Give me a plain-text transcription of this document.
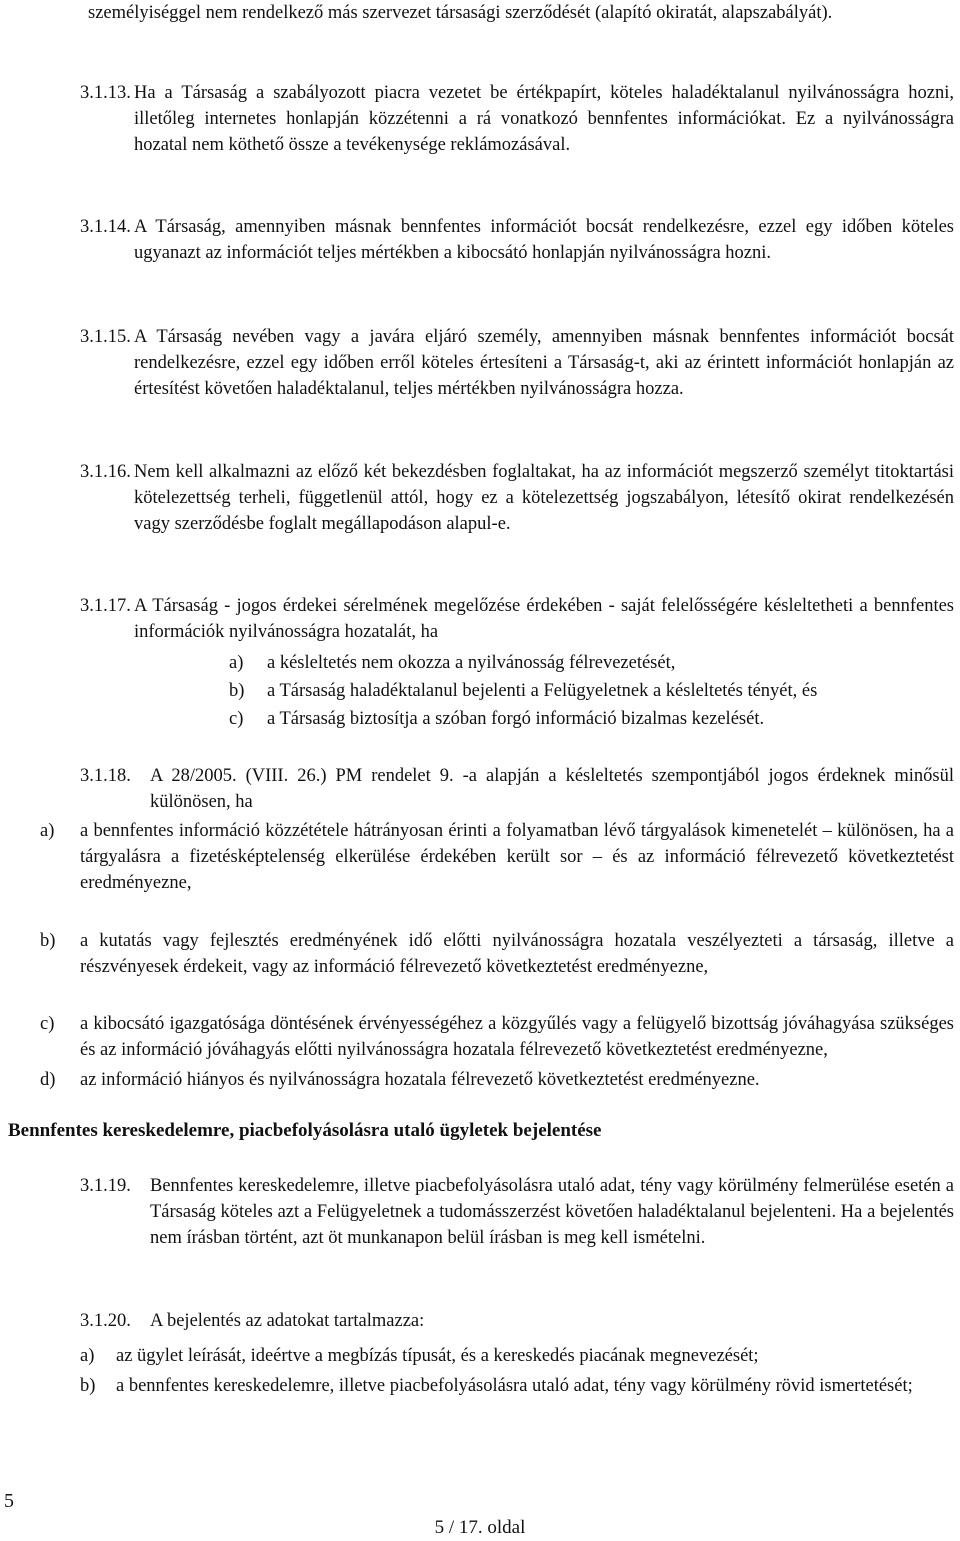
személyiséggel nem rendelkező más szervezet társasági szerződését (alapító okiratát, alapszabályát).

3.1.13. Ha a Társaság a szabályozott piacra vezetet be értékpapírt, köteles haladéktalanul nyilvánosságra hozni, illetőleg internetes honlapján közzétenni a rá vonatkozó bennfentes információkat. Ez a nyilvánosságra hozatal nem köthető össze a tevékenysége reklámozásával.

3.1.14. A Társaság, amennyiben másnak bennfentes információt bocsát rendelkezésre, ezzel egy időben köteles ugyanazt az információt teljes mértékben a kibocsátó honlapján nyilvánosságra hozni.

3.1.15. A Társaság nevében vagy a javára eljáró személy, amennyiben másnak bennfentes információt bocsát rendelkezésre, ezzel egy időben erről köteles értesíteni a Társaság-t, aki az érintett információt honlapján az értesítést követően haladéktalanul, teljes mértékben nyilvánosságra hozza.

3.1.16. Nem kell alkalmazni az előző két bekezdésben foglaltakat, ha az információt megszerző személyt titoktartási kötelezettség terheli, függetlenül attól, hogy ez a kötelezettség jogszabályon, létesítő okirat rendelkezésén vagy szerződésbe foglalt megállapodáson alapul-e.

3.1.17. A Társaság - jogos érdekei sérelmének megelőzése érdekében - saját felelősségére késleltetheti a bennfentes információk nyilvánosságra hozatalát, ha

a) a késleltetés nem okozza a nyilvánosság félrevezetését,
b) a Társaság haladéktalanul bejelenti a Felügyeletnek a késleltetés tényét, és
c) a Társaság biztosítja a szóban forgó információ bizalmas kezelését.
3.1.18. A 28/2005. (VIII. 26.) PM rendelet 9. -a alapján a késleltetés szempontjából jogos érdeknek minősül különösen, ha

a) a bennfentes információ közzététele hátrányosan érinti a folyamatban lévő tárgyalások kimenetelét – különösen, ha a tárgyalásra a fizetésképtelenség elkerülése érdekében került sor – és az információ félrevezető következtetést eredményezne,

b) a kutatás vagy fejlesztés eredményének idő előtti nyilvánosságra hozatala veszélyezteti a társaság, illetve a részvényesek érdekeit, vagy az információ félrevezető következtetést eredményezne,

c) a kibocsátó igazgatósága döntésének érvényességéhez a közgyűlés vagy a felügyelő bizottság jóváhagyása szükséges és az információ jóváhagyás előtti nyilvánosságra hozatala félrevezető következtetést eredményezne,

d) az információ hiányos és nyilvánosságra hozatala félrevezető következtetést eredményezne.

Bennfentes kereskedelemre, piacbefolyásolásra utaló ügyletek bejelentése
3.1.19. Bennfentes kereskedelemre, illetve piacbefolyásolásra utaló adat, tény vagy körülmény felmerülése esetén a Társaság köteles azt a Felügyeletnek a tudomásszerzést követően haladéktalanul bejelenteni. Ha a bejelentés nem írásban történt, azt öt munkanapon belül írásban is meg kell ismételni.

3.1.20. A bejelentés az adatokat tartalmazza:

a) az ügylet leírását, ideértve a megbízás típusát, és a kereskedés piacának megnevezését;

b) a bennfentes kereskedelemre, illetve piacbefolyásolásra utaló adat, tény vagy körülmény rövid ismertetését;

5
5 / 17. oldal
